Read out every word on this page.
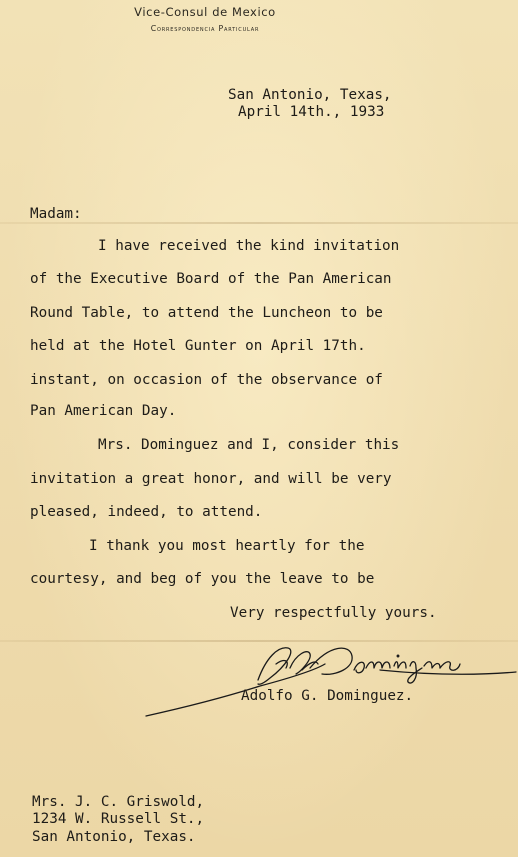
Vice-Consul de Mexico
Correspondencia Particular
San Antonio, Texas,
April 14th., 1933
Madam:
I have received the kind invitation
of the Executive Board of the Pan American
Round Table, to attend the Luncheon to be
held at the Hotel Gunter on April 17th.
instant, on occasion of the observance of
Pan American Day.
Mrs. Dominguez and I, consider this
invitation a great honor, and will be very
pleased, indeed, to attend.
I thank you most heartly for the
courtesy, and beg of you the leave to be
Very respectfully yours.
Adolfo G. Dominguez.
Mrs. J. C. Griswold,
1234 W. Russell St.,
San Antonio, Texas.
